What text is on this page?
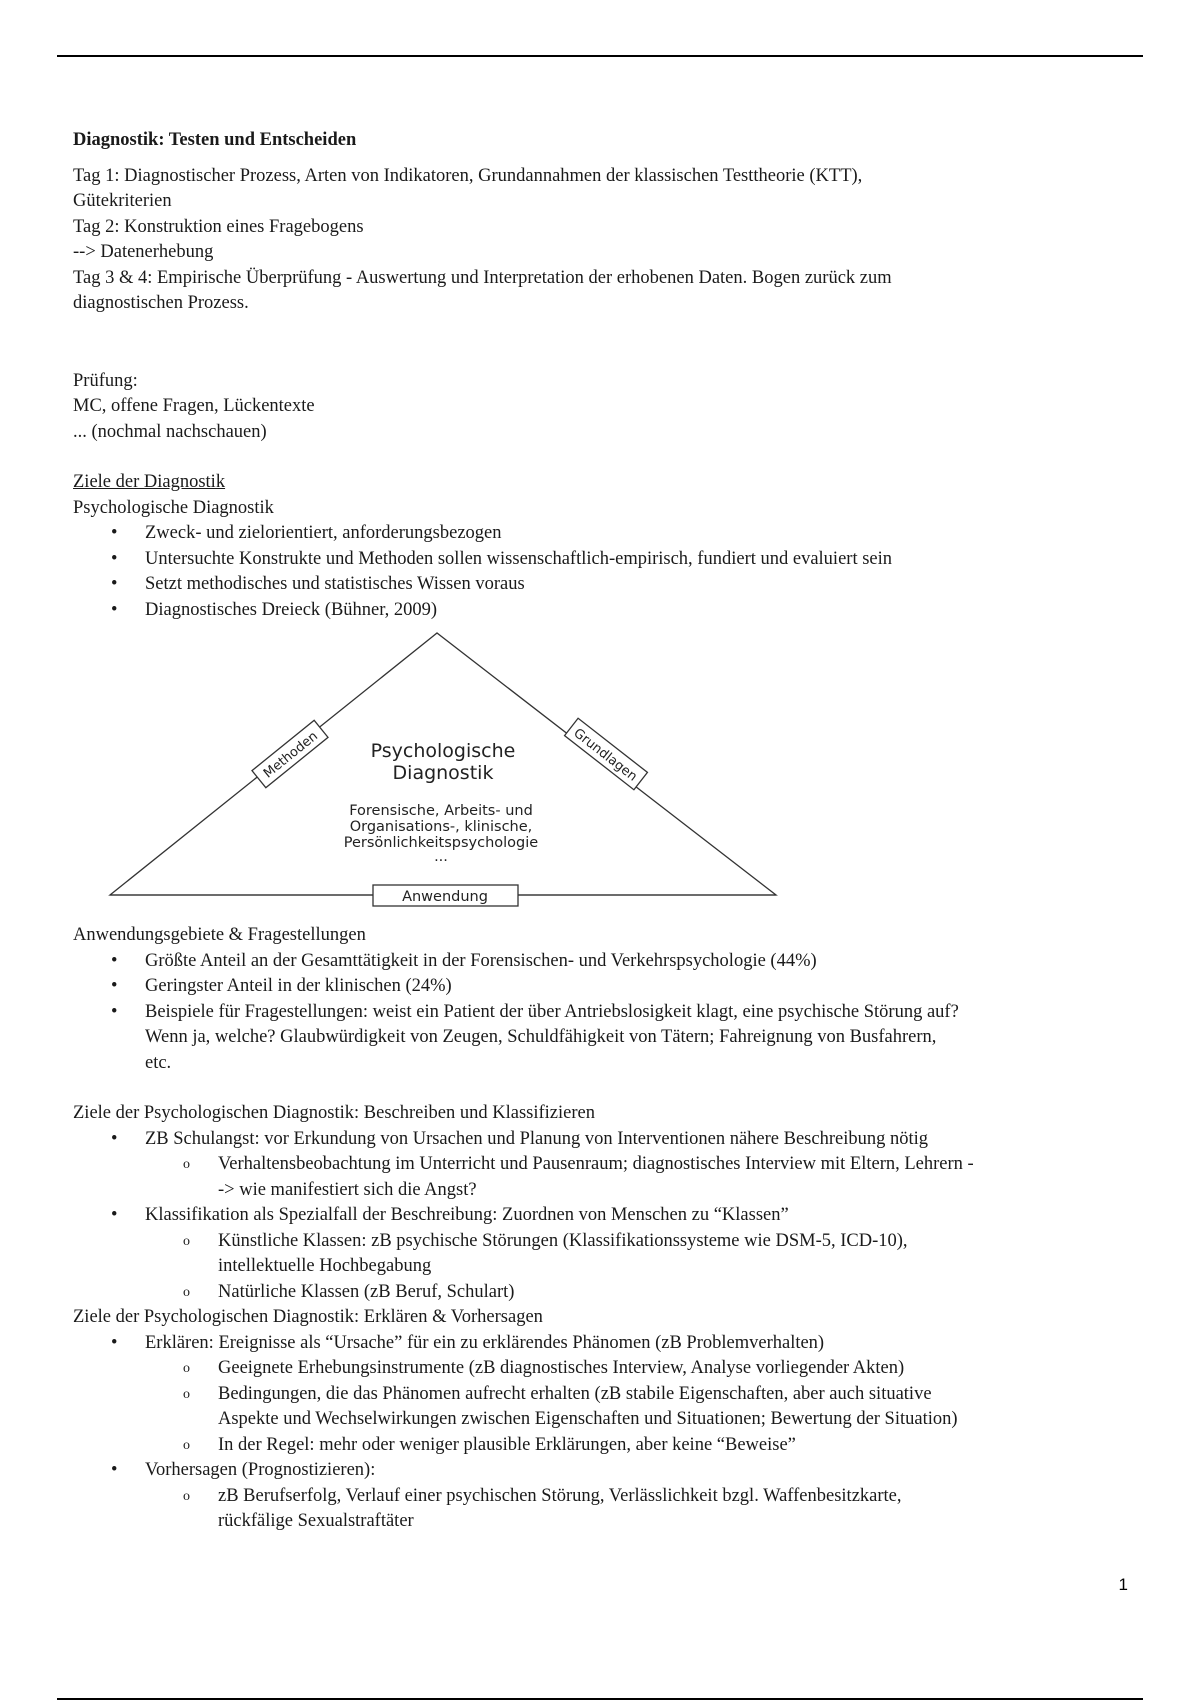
Diagnostik: Testen und Entscheiden
Tag 1: Diagnostischer Prozess, Arten von Indikatoren, Grundannahmen der klassischen Testtheorie (KTT),
Gütekriterien
Tag 2: Konstruktion eines Fragebogens
--> Datenerhebung
Tag 3 & 4: Empirische Überprüfung - Auswertung und Interpretation der erhobenen Daten. Bogen zurück zum
diagnostischen Prozess.
Prüfung:
MC, offene Fragen, Lückentexte
... (nochmal nachschauen)
Ziele der Diagnostik
Psychologische Diagnostik
• Zweck- und zielorientiert, anforderungsbezogen
• Untersuchte Konstrukte und Methoden sollen wissenschaftlich-empirisch, fundiert und evaluiert sein
• Setzt methodisches und statistisches Wissen voraus
• Diagnostisches Dreieck (Bühner, 2009)
Psychologische
Diagnostik
Forensische, Arbeits- und
Organisations-, klinische,
Persönlichkeitspsychologie
...
Methoden	Grundlagen
Anwendung
Anwendungsgebiete & Fragestellungen
• Größte Anteil an der Gesamttätigkeit in der Forensischen- und Verkehrspsychologie (44%)
• Geringster Anteil in der klinischen (24%)
• Beispiele für Fragestellungen: weist ein Patient der über Antriebslosigkeit klagt, eine psychische Störung auf?
Wenn ja, welche? Glaubwürdigkeit von Zeugen, Schuldfähigkeit von Tätern; Fahreignung von Busfahrern,
etc.
Ziele der Psychologischen Diagnostik: Beschreiben und Klassifizieren
• ZB Schulangst: vor Erkundung von Ursachen und Planung von Interventionen nähere Beschreibung nötig
o Verhaltensbeobachtung im Unterricht und Pausenraum; diagnostisches Interview mit Eltern, Lehrern -
-> wie manifestiert sich die Angst?
• Klassifikation als Spezialfall der Beschreibung: Zuordnen von Menschen zu “Klassen”
o Künstliche Klassen: zB psychische Störungen (Klassifikationssysteme wie DSM-5, ICD-10),
intellektuelle Hochbegabung
o Natürliche Klassen (zB Beruf, Schulart)
Ziele der Psychologischen Diagnostik: Erklären & Vorhersagen
• Erklären: Ereignisse als “Ursache” für ein zu erklärendes Phänomen (zB Problemverhalten)
o Geeignete Erhebungsinstrumente (zB diagnostisches Interview, Analyse vorliegender Akten)
o Bedingungen, die das Phänomen aufrecht erhalten (zB stabile Eigenschaften, aber auch situative
Aspekte und Wechselwirkungen zwischen Eigenschaften und Situationen; Bewertung der Situation)
o In der Regel: mehr oder weniger plausible Erklärungen, aber keine “Beweise”
• Vorhersagen (Prognostizieren):
o zB Berufserfolg, Verlauf einer psychischen Störung, Verlässlichkeit bzgl. Waffenbesitzkarte,
rückfälige Sexualstraftäter
1
